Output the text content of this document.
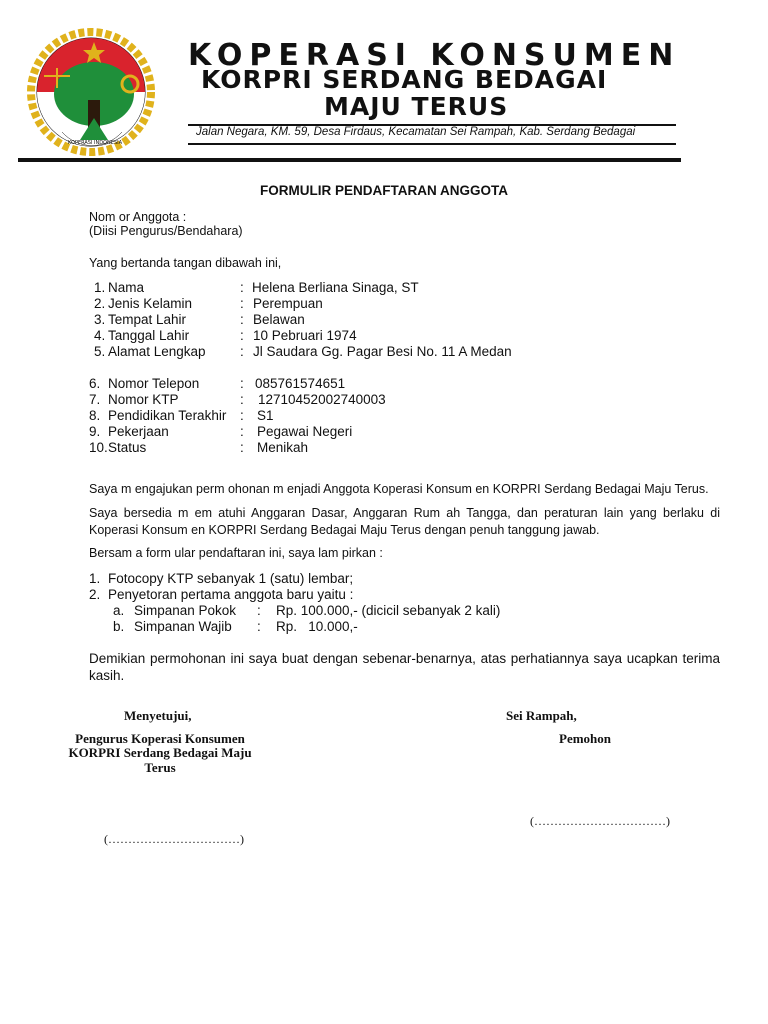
KOPERASI INDONESIA
KOPERASI KONSUMEN
KORPRI SERDANG BEDAGAI
MAJU TERUS
Jalan Negara, KM. 59, Desa Firdaus, Kecamatan Sei Rampah, Kab. Serdang Bedagai
FORMULIR PENDAFTARAN ANGGOTA
Nom or Anggota :
(Diisi Pengurus/Bendahara)
Yang bertanda tangan dibawah ini,
1. Nama	: Helena Berliana Sinaga, ST
2. Jenis Kelamin	: Perempuan
3. Tempat Lahir	: Belawan
4. Tanggal Lahir	: 10 Pebruari 1974
5. Alamat Lengkap	: Jl Saudara Gg. Pagar Besi No. 11 A Medan
6. Nomor Telepon	: 085761574651
7. Nomor KTP	: 12710452002740003
8. Pendidikan Terakhir : S1
9. Pekerjaan	: Pegawai Negeri
10. Status	: Menikah
Saya m engajukan perm ohonan m enjadi Anggota Koperasi Konsum en KORPRI Serdang Bedagai Maju Terus.
Saya bersedia m em atuhi Anggaran Dasar, Anggaran Rum ah Tangga, dan peraturan lain yang berlaku di Koperasi Konsum en KORPRI Serdang Bedagai Maju Terus dengan penuh tanggung jawab.
Bersam a form ular pendaftaran ini, saya lam pirkan :
1. Fotocopy KTP sebanyak 1 (satu) lembar;
2. Penyetoran pertama anggota baru yaitu :
a. Simpanan Pokok : Rp. 100.000,- (dicicil sebanyak 2 kali)
b. Simpanan Wajib : Rp.   10.000,-
Demikian permohonan ini saya buat dengan sebenar-benarnya, atas perhatiannya saya ucapkan terima kasih.
Menyetujui,
Pengurus Koperasi Konsumen
KORPRI Serdang Bedagai Maju
Terus
(……………………………)
Sei Rampah,
Pemohon
(……………………………)
